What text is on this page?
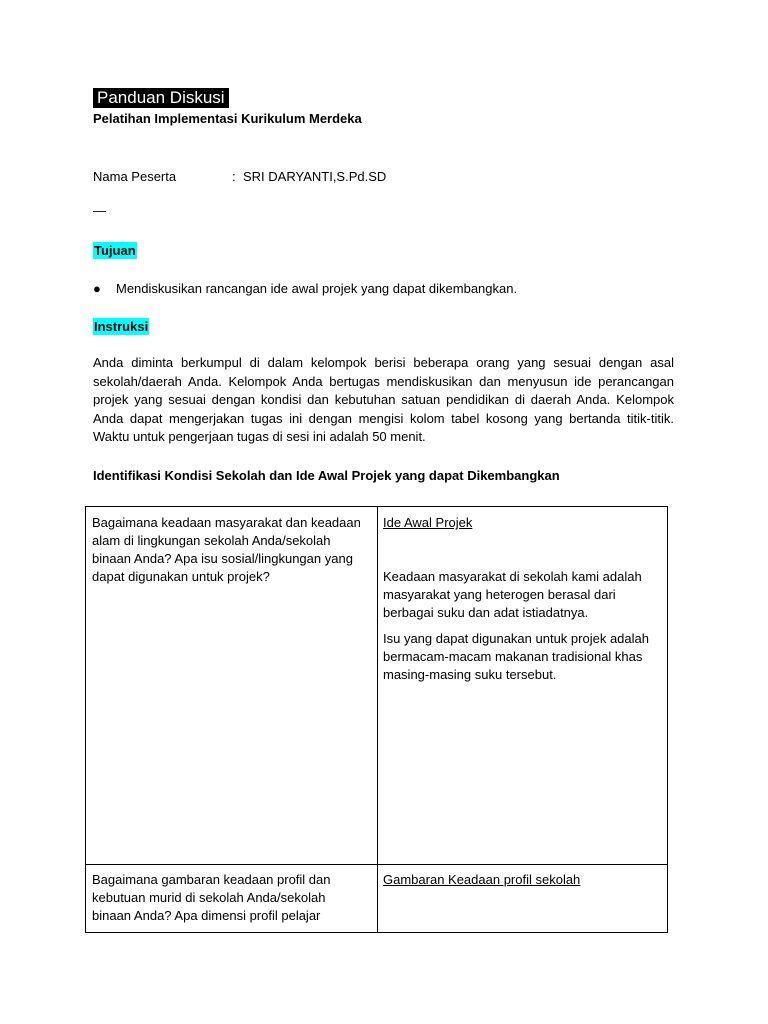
Panduan Diskusi
Pelatihan Implementasi Kurikulum Merdeka
Nama Peserta	: SRI DARYANTI,S.Pd.SD
—
Tujuan
● Mendiskusikan rancangan ide awal projek yang dapat dikembangkan.
Instruksi
Anda diminta berkumpul di dalam kelompok berisi beberapa orang yang sesuai dengan asal sekolah/daerah Anda. Kelompok Anda bertugas mendiskusikan dan menyusun ide perancangan projek yang sesuai dengan kondisi dan kebutuhan satuan pendidikan di daerah Anda. Kelompok Anda dapat mengerjakan tugas ini dengan mengisi kolom tabel kosong yang bertanda titik-titik. Waktu untuk pengerjaan tugas di sesi ini adalah 50 menit.
Identifikasi Kondisi Sekolah dan Ide Awal Projek yang dapat Dikembangkan

Bagaimana keadaan masyarakat dan keadaan alam di lingkungan sekolah Anda/sekolah binaan Anda? Apa isu sosial/lingkungan yang dapat digunakan untuk projek?

Ide Awal Projek

Keadaan masyarakat di sekolah kami adalah masyarakat yang heterogen berasal dari berbagai suku dan adat istiadatnya.

Isu yang dapat digunakan untuk projek adalah bermacam-macam makanan tradisional khas masing-masing suku tersebut.

Bagaimana gambaran keadaan profil dan kebutuan murid di sekolah Anda/sekolah binaan Anda? Apa dimensi profil pelajar

Gambaran Keadaan profil sekolah
